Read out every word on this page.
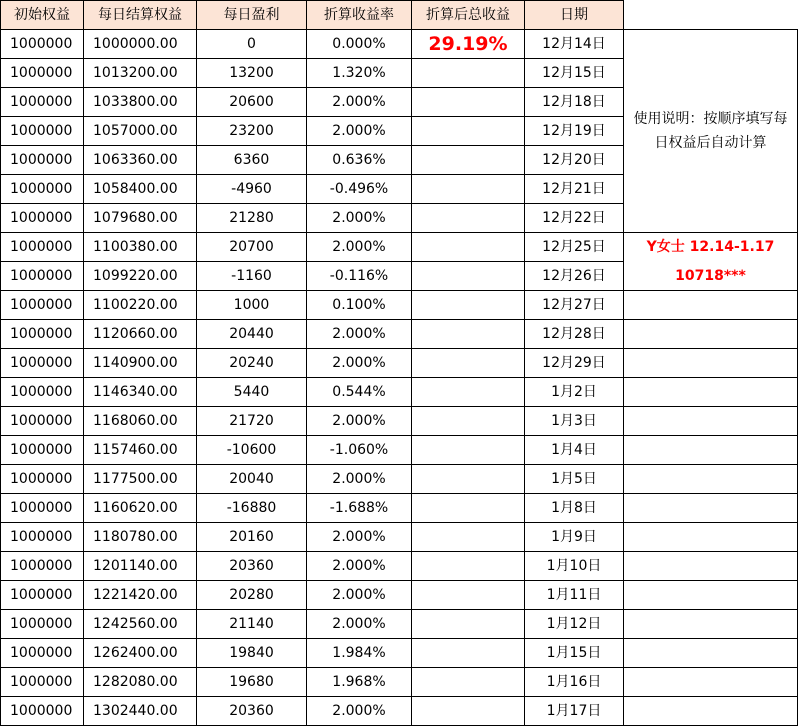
初始权益	每日结算权益	每日盈利	折算收益率	折算后总收益	日期	
1000000	1000000.00	0	0.000%	29.19%	12月14日	使用说明：按顺序填写每日权益后自动计算
1000000	1013200.00	13200	1.320%		12月15日	
1000000	1033800.00	20600	2.000%		12月18日	
1000000	1057000.00	23200	2.000%		12月19日	
1000000	1063360.00	6360	0.636%		12月20日	
1000000	1058400.00	-4960	-0.496%		12月21日	
1000000	1079680.00	21280	2.000%		12月22日	
1000000	1100380.00	20700	2.000%		12月25日	Y女士 12.14-1.17
1000000	1099220.00	-1160	-0.116%		12月26日	10718***
1000000	1100220.00	1000	0.100%		12月27日	
1000000	1120660.00	20440	2.000%		12月28日	
1000000	1140900.00	20240	2.000%		12月29日	
1000000	1146340.00	5440	0.544%		1月2日	
1000000	1168060.00	21720	2.000%		1月3日	
1000000	1157460.00	-10600	-1.060%		1月4日	
1000000	1177500.00	20040	2.000%		1月5日	
1000000	1160620.00	-16880	-1.688%		1月8日	
1000000	1180780.00	20160	2.000%		1月9日	
1000000	1201140.00	20360	2.000%		1月10日	
1000000	1221420.00	20280	2.000%		1月11日	
1000000	1242560.00	21140	2.000%		1月12日	
1000000	1262400.00	19840	1.984%		1月15日	
1000000	1282080.00	19680	1.968%		1月16日	
1000000	1302440.00	20360	2.000%		1月17日	
